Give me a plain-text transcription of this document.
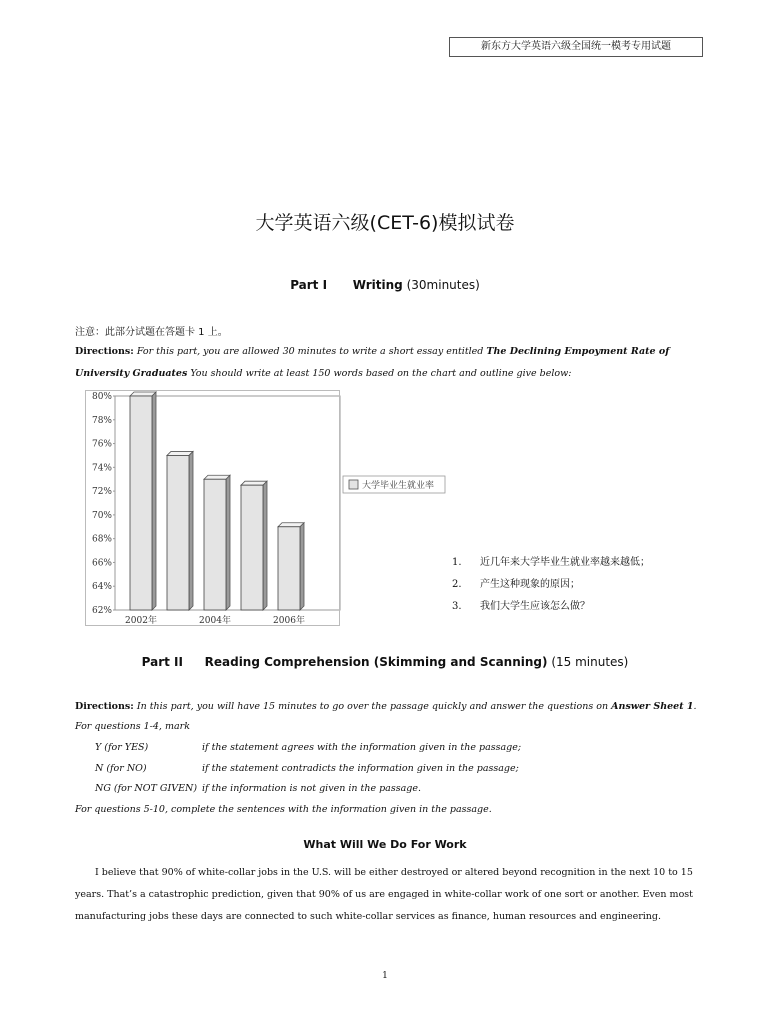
新东方大学英语六级全国统一模考专用试题
大学英语六级(CET-6)模拟试卷
Part I Writing (30minutes)
注意：此部分试题在答题卡 1 上。
Directions: For this part, you are allowed 30 minutes to write a short essay entitled The Declining Empoyment Rate of University Graduates You should write at least 150 words based on the chart and outline give below:
80%
78%
76%
74%
72%
70%
68%
66%
64%
62%
2002年	2004年	2006年
大学毕业生就业率
1. 近几年来大学毕业生就业率越来越低；
2. 产生这种现象的原因；
3. 我们大学生应该怎么做？
Part II Reading Comprehension (Skimming and Scanning) (15 minutes)
Directions: In this part, you will have 15 minutes to go over the passage quickly and answer the questions on Answer Sheet 1.
For questions 1-4, mark
Y (for YES)	if the statement agrees with the information given in the passage;
N (for NO)	if the statement contradicts the information given in the passage;
NG (for NOT GIVEN) if the information is not given in the passage.
For questions 5-10, complete the sentences with the information given in the passage.
What Will We Do For Work
I believe that 90% of white-collar jobs in the U.S. will be either destroyed or altered beyond recognition in the next 10 to 15 years. That’s a catastrophic prediction, given that 90% of us are engaged in white-collar work of one sort or another. Even most manufacturing jobs these days are connected to such white-collar services as finance, human resources and engineering.
1
